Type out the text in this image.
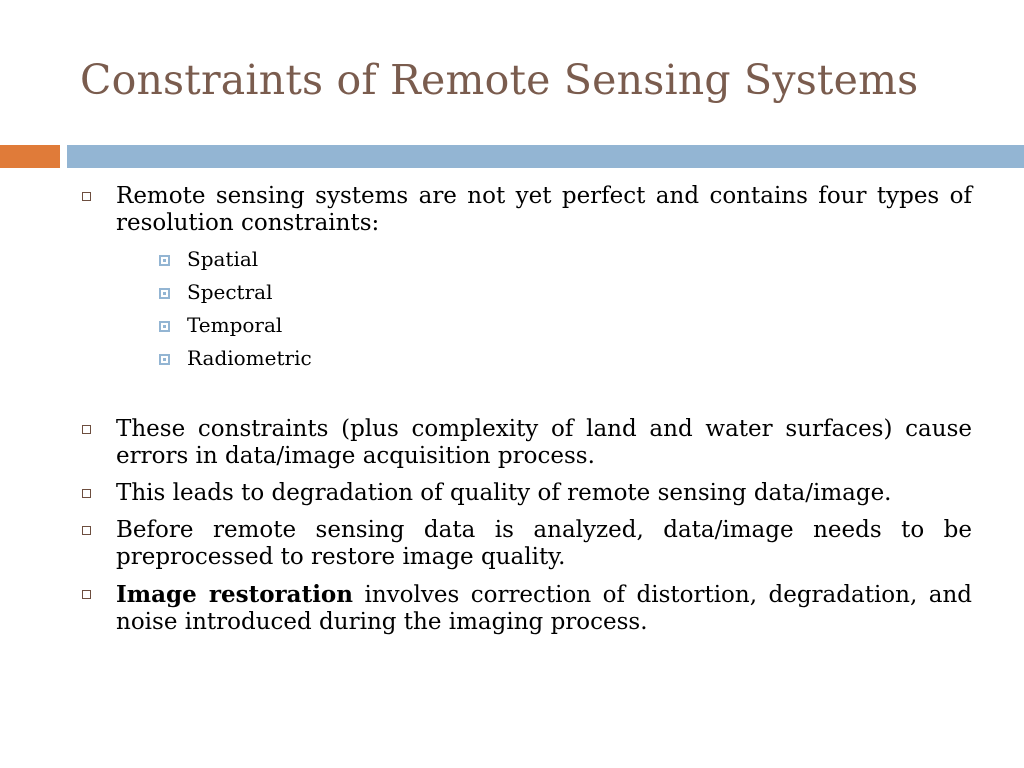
Constraints of Remote Sensing Systems
Remote sensing systems are not yet perfect and contains four types of resolution constraints:
Spatial
Spectral
Temporal
Radiometric
These constraints (plus complexity of land and water surfaces) cause errors in data/image acquisition process.
This leads to degradation of quality of remote sensing data/image.
Before remote sensing data is analyzed, data/image needs to be preprocessed to restore image quality.
Image restoration involves correction of distortion, degradation, and noise introduced during the imaging process.
